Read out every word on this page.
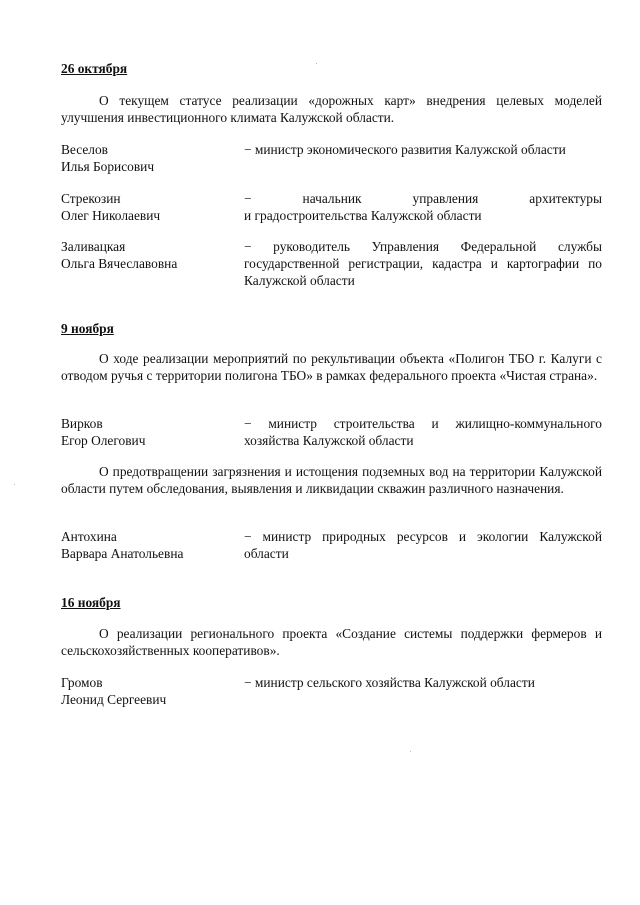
26 октября
О текущем статусе реализации «дорожных карт» внедрения целевых моделей улучшения инвестиционного климата Калужской области.
Веселов
Илья Борисович
− министр экономического развития Калужской области
Стрекозин
Олег Николаевич
− начальник управления архитектуры
и градостроительства Калужской области
Заливацкая
Ольга Вячеславовна
− руководитель Управления Федеральной службы государственной регистрации, кадастра и картографии по Калужской области
9 ноября
О ходе реализации мероприятий по рекультивации объекта «Полигон ТБО г. Калуги с отводом ручья с территории полигона ТБО» в рамках федерального проекта «Чистая страна».
Вирков
Егор Олегович
− министр строительства и жилищно-коммунального хозяйства Калужской области
О предотвращении загрязнения и истощения подземных вод на территории Калужской области путем обследования, выявления и ликвидации скважин различного назначения.
Антохина
Варвара Анатольевна
− министр природных ресурсов и экологии Калужской области
16 ноября
О реализации регионального проекта «Создание системы поддержки фермеров и сельскохозяйственных кооперативов».
Громов
Леонид Сергеевич
− министр сельского хозяйства Калужской области
